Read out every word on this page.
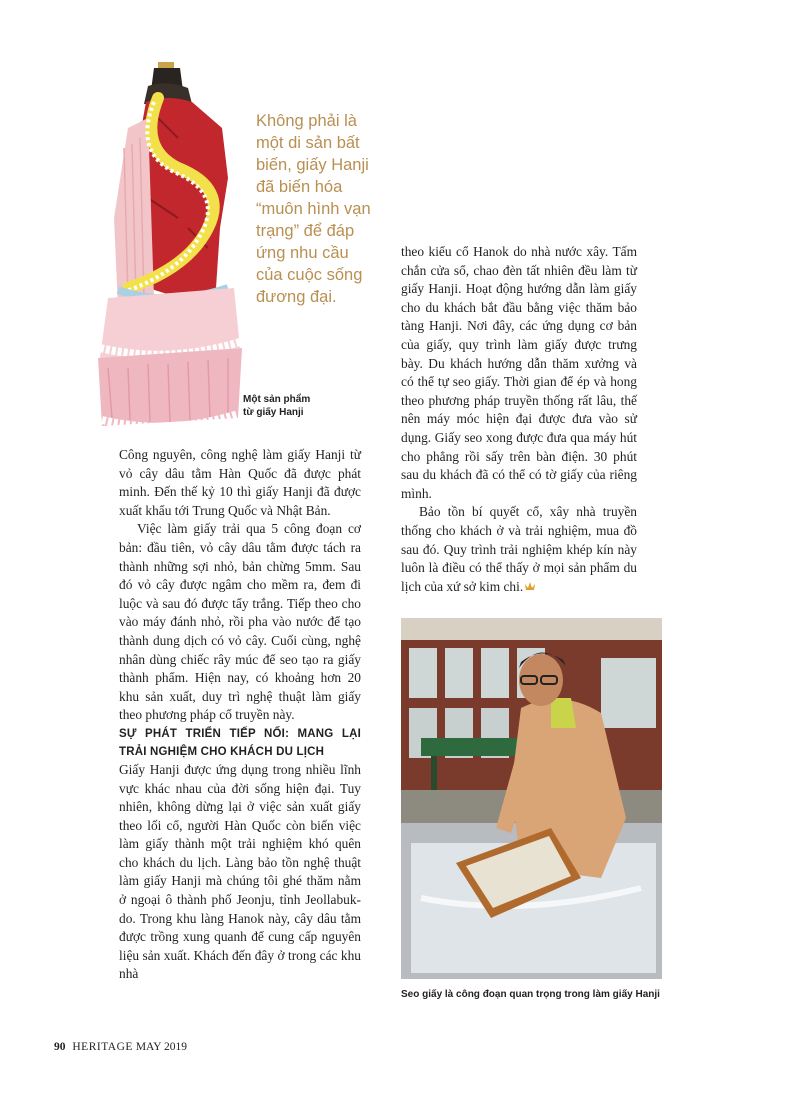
Không phải là một di sản bất biến, giấy Hanji đã biến hóa “muôn hình vạn trạng” để đáp ứng nhu cầu của cuộc sống đương đại.
Một sản phẩm
từ giấy Hanji

Công nguyên, công nghệ làm giấy Hanji từ vỏ cây dâu tằm Hàn Quốc đã được phát minh. Đến thế kỷ 10 thì giấy Hanji đã được xuất khẩu tới Trung Quốc và Nhật Bản.

Việc làm giấy trải qua 5 công đoạn cơ bản: đầu tiên, vỏ cây dâu tằm được tách ra thành những sợi nhỏ, bản chừng 5mm. Sau đó vỏ cây được ngâm cho mềm ra, đem đi luộc và sau đó được tẩy trắng. Tiếp theo cho vào máy đánh nhỏ, rồi pha vào nước để tạo thành dung dịch có vỏ cây. Cuối cùng, nghệ nhân dùng chiếc rây múc để seo tạo ra giấy thành phẩm. Hiện nay, có khoảng hơn 20 khu sản xuất, duy trì nghệ thuật làm giấy theo phương pháp cổ truyền này.

SỰ PHÁT TRIỂN TIẾP NỐI: MANG LẠI TRẢI NGHIỆM CHO KHÁCH DU LỊCH

Giấy Hanji được ứng dụng trong nhiều lĩnh vực khác nhau của đời sống hiện đại. Tuy nhiên, không dừng lại ở việc sản xuất giấy theo lối cổ, người Hàn Quốc còn biến việc làm giấy thành một trải nghiệm khó quên cho khách du lịch. Làng bảo tồn nghệ thuật làm giấy Hanji mà chúng tôi ghé thăm nằm ở ngoại ô thành phố Jeonju, tỉnh Jeollabuk-do. Trong khu làng Hanok này, cây dâu tằm được trồng xung quanh để cung cấp nguyên liệu sản xuất. Khách đến đây ở trong các khu nhà

theo kiểu cổ Hanok do nhà nước xây. Tấm chắn cửa sổ, chao đèn tất nhiên đều làm từ giấy Hanji. Hoạt động hướng dẫn làm giấy cho du khách bắt đầu bằng việc thăm bảo tàng Hanji. Nơi đây, các ứng dụng cơ bản của giấy, quy trình làm giấy được trưng bày. Du khách hướng dẫn thăm xưởng và có thể tự seo giấy. Thời gian để ép và hong theo phương pháp truyền thống rất lâu, thế nên máy móc hiện đại được đưa vào sử dụng. Giấy seo xong được đưa qua máy hút cho phẳng rồi sấy trên bàn điện. 30 phút sau du khách đã có thể có tờ giấy của riêng mình.

Bảo tồn bí quyết cổ, xây nhà truyền thống cho khách ở và trải nghiệm, mua đồ sau đó. Quy trình trải nghiệm khép kín này luôn là điều có thể thấy ở mọi sản phẩm du lịch của xứ sở kim chi.

Seo giấy là công đoạn quan trọng trong làm giấy Hanji
90 HERITAGE MAY 2019
